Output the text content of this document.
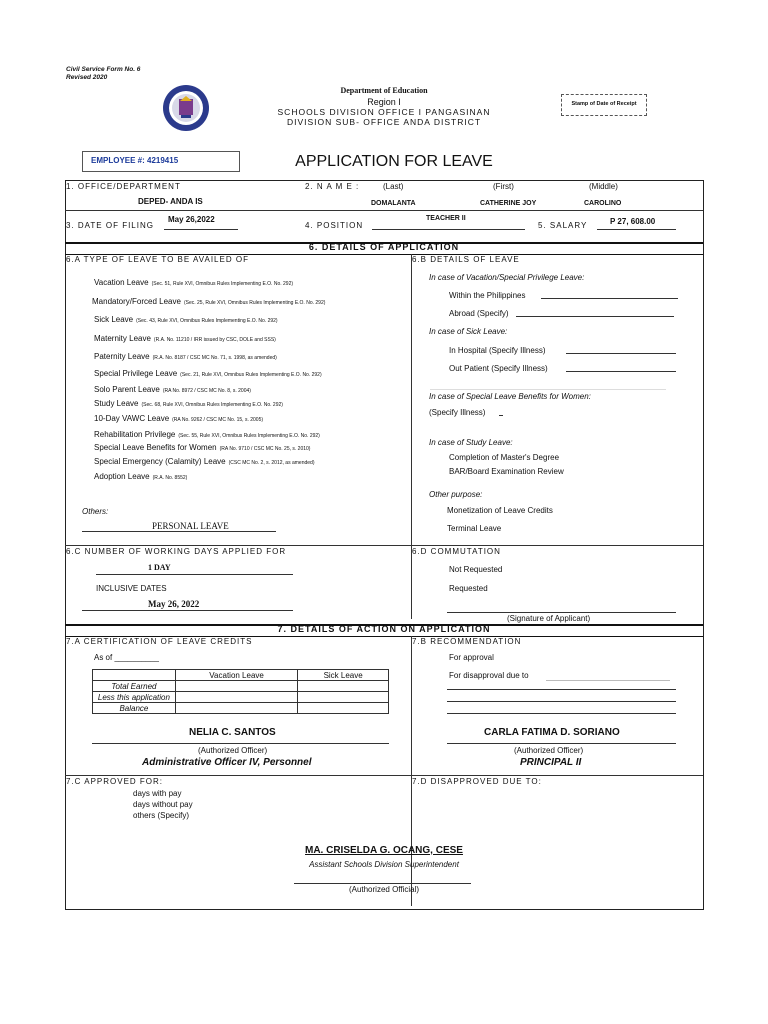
Civil Service Form No. 6
Revised 2020
Department of Education
Region I
SCHOOLS DIVISION OFFICE I PANGASINAN
DIVISION SUB- OFFICE ANDA DISTRICT
Stamp of Date of Receipt
EMPLOYEE #: 4219415	APPLICATION FOR LEAVE
1. OFFICE/DEPARTMENT
DEPED- ANDA IS
2. N A M E :	(Last)	(First)	(Middle)
DOMALANTA	CATHERINE JOY	CAROLINO
3. DATE OF FILING
May 26,2022
4. POSITION
TEACHER II
5. SALARY	P 27, 608.00
6. DETAILS OF APPLICATION
6.A TYPE OF LEAVE TO BE AVAILED OF
Vacation Leave (Sec. 51, Rule XVI, Omnibus Rules Implementing E.O. No. 292)
Mandatory/Forced Leave (Sec. 25, Rule XVI, Omnibus Rules Implementing E.O. No. 292)
Sick Leave (Sec. 43, Rule XVI, Omnibus Rules Implementing E.O. No. 292)
Maternity Leave (R.A. No. 11210 / IRR issued by CSC, DOLE and SSS)
Paternity Leave (R.A. No. 8187 / CSC MC No. 71, s. 1998, as amended)
Special Privilege Leave (Sec. 21, Rule XVI, Omnibus Rules Implementing E.O. No. 292)
Solo Parent Leave (RA No. 8972 / CSC MC No. 8, s. 2004)
Study Leave (Sec. 68, Rule XVI, Omnibus Rules Implementing E.O. No. 292)
10-Day VAWC Leave (RA No. 9262 / CSC MC No. 15, s. 2005)
Rehabilitation Privilege (Sec. 55, Rule XVI, Omnibus Rules Implementing E.O. No. 292)
Special Leave Benefits for Women (RA No. 9710 / CSC MC No. 25, s. 2010)
Special Emergency (Calamity) Leave (CSC MC No. 2, s. 2012, as amended)
Adoption Leave (R.A. No. 8552)
Others:
PERSONAL LEAVE
6.B DETAILS OF LEAVE
In case of Vacation/Special Privilege Leave:
Within the Philippines
Abroad (Specify)
In case of Sick Leave:
In Hospital (Specify Illness)
Out Patient (Specify Illness)
In case of Special Leave Benefits for Women:
(Specify Illness)
In case of Study Leave:
Completion of Master's Degree
BAR/Board Examination Review
Other purpose:
Monetization of Leave Credits
Terminal Leave
6.C NUMBER OF WORKING DAYS APPLIED FOR
1 DAY
INCLUSIVE DATES
May 26, 2022
6.D COMMUTATION
Not Requested
Requested
(Signature of Applicant)
7. DETAILS OF ACTION ON APPLICATION
7.A CERTIFICATION OF LEAVE CREDITS
As of __________
	Vacation Leave	Sick Leave
Total Earned		
Less this application		
Balance		
NELIA C. SANTOS
(Authorized Officer)
Administrative Officer IV, Personnel
7.B RECOMMENDATION
For approval
For disapproval due to
CARLA FATIMA D. SORIANO
(Authorized Officer)
PRINCIPAL II
7.C APPROVED FOR:
days with pay
days without pay
others (Specify)
7.D DISAPPROVED DUE TO:
MA. CRISELDA G. OCANG, CESE
Assistant Schools Division Superintendent
(Authorized Official)
